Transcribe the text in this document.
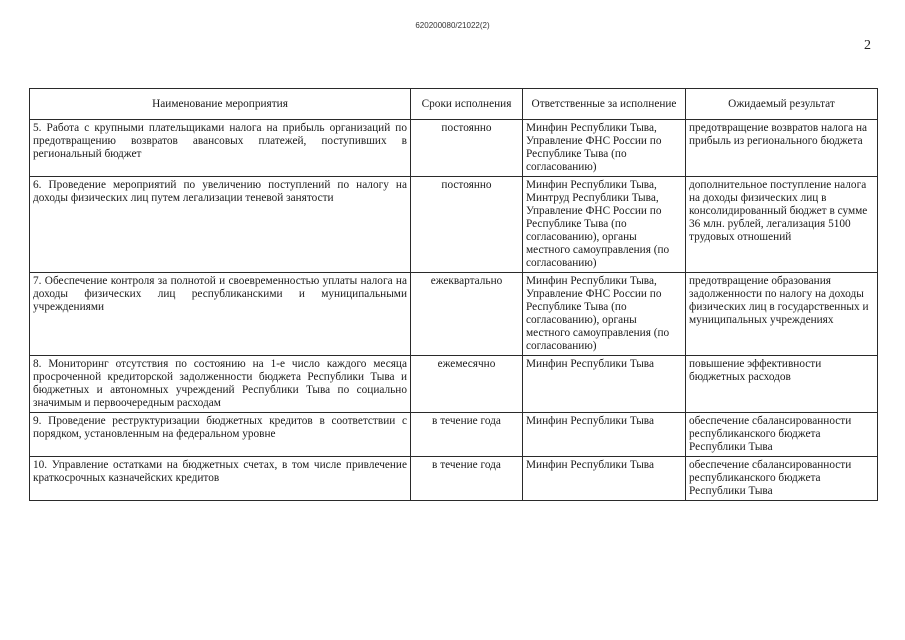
620200080/21022(2)
2
Наименование мероприятия	Сроки исполнения	Ответственные за исполнение	Ожидаемый результат
5. Работа с крупными плательщиками налога на прибыль организаций по предотвращению возвратов авансовых платежей, поступивших в региональный бюджет	постоянно	Минфин Республики Тыва, Управление ФНС России по Республике Тыва (по согласованию)	предотвращение возвратов налога на прибыль из регионального бюджета
6. Проведение мероприятий по увеличению поступлений по налогу на доходы физических лиц путем легализации теневой занятости	постоянно	Минфин Республики Тыва, Минтруд Республики Тыва, Управление ФНС России по Республике Тыва (по согласованию), органы местного самоуправления (по согласованию)	дополнительное поступление налога на доходы физических лиц в консолидированный бюджет в сумме 36 млн. рублей, легализация 5100 трудовых отношений
7. Обеспечение контроля за полнотой и своевременностью уплаты налога на доходы физических лиц республиканскими и муниципальными учреждениями	ежеквартально	Минфин Республики Тыва, Управление ФНС России по Республике Тыва (по согласованию), органы местного самоуправления (по согласованию)	предотвращение образования задолженности по налогу на доходы физических лиц в государственных и муниципальных учреждениях
8. Мониторинг отсутствия по состоянию на 1-е число каждого месяца просроченной кредиторской задолженности бюджета Республики Тыва и бюджетных и автономных учреждений Республики Тыва по социально значимым и первоочередным расходам	ежемесячно	Минфин Республики Тыва	повышение эффективности бюджетных расходов
9. Проведение реструктуризации бюджетных кредитов в соответствии с порядком, установленным на федеральном уровне	в течение года	Минфин Республики Тыва	обеспечение сбалансированности республиканского бюджета Республики Тыва
10. Управление остатками на бюджетных счетах, в том числе привлечение краткосрочных казначейских кредитов	в течение года	Минфин Республики Тыва	обеспечение сбалансированности республиканского бюджета Республики Тыва
